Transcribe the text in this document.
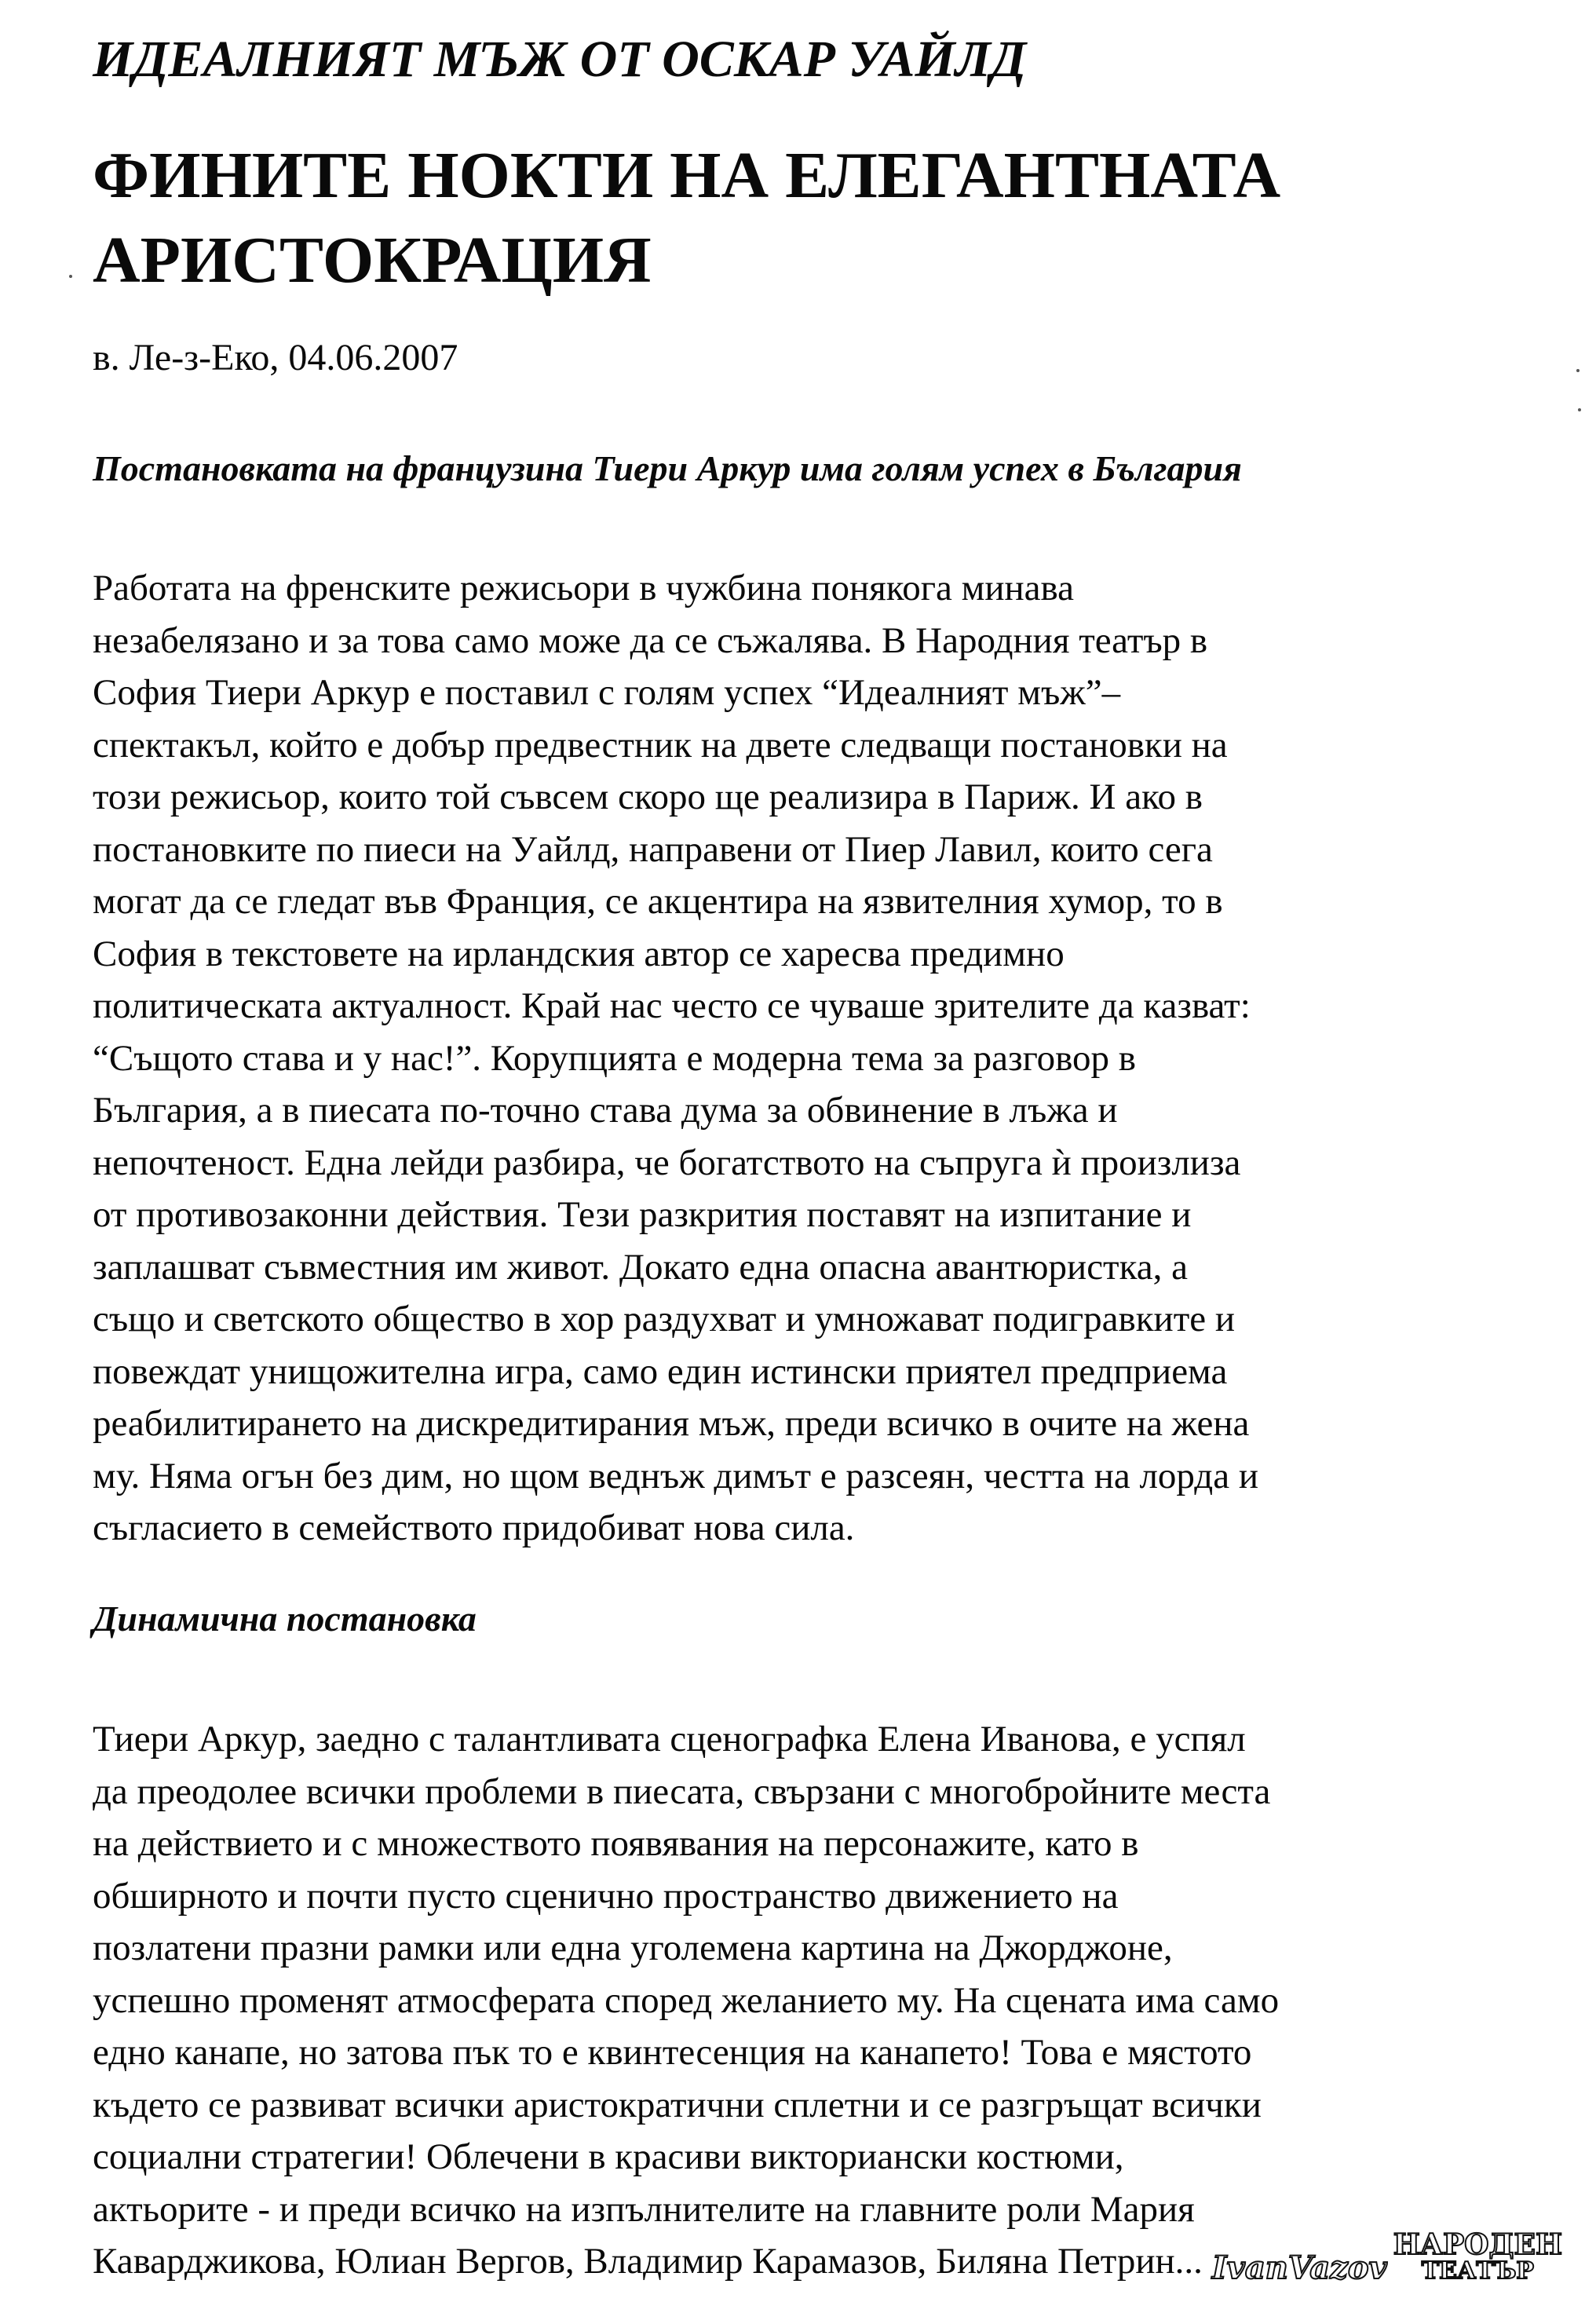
ИДЕАЛНИЯТ МЪЖ ОТ ОСКАР УАЙЛД
ФИНИТЕ НОКТИ НА ЕЛЕГАНТНАТА
АРИСТОКРАЦИЯ
в. Ле-з-Еко, 04.06.2007
Постановката на французина Тиери Аркур има голям успех в България
Работата на френските режисьори в чужбина понякога минава
незабелязано и за това само може да се съжалява. В Народния театър в
София Тиери Аркур е поставил с голям успех “Идеалният мъж”–
спектакъл, който е добър предвестник на двете следващи постановки на
този режисьор, които той съвсем скоро ще реализира в Париж. И ако в
постановките по пиеси на Уайлд, направени от Пиер Лавил, които сега
могат да се гледат във Франция, се акцентира на язвителния хумор, то в
София в текстовете на ирландския автор се харесва предимно
политическата актуалност. Край нас често се чуваше зрителите да казват:
“Същото става и у нас!”. Корупцията е модерна тема за разговор в
България, а в пиесата по-точно става дума за обвинение в лъжа и
непочтеност. Една лейди разбира, че богатството на съпруга ѝ произлиза
от противозаконни действия. Тези разкрития поставят на изпитание и
заплашват съвместния им живот. Докато една опасна авантюристка, а
също и светското общество в хор раздухват и умножават подигравките и
повеждат унищожителна игра, само един истински приятел предприема
реабилитирането на дискредитирания мъж, преди всичко в очите на жена
му. Няма огън без дим, но щом веднъж димът е разсеян, честта на лорда и
съгласието в семейството придобиват нова сила.
Динамична постановка
Тиери Аркур, заедно с талантливата сценографка Елена Иванова, е успял
да преодолее всички проблеми в пиесата, свързани с многобройните места
на действието и с множеството появявания на персонажите, като в
обширното и почти пусто сценично пространство движението на
позлатени празни рамки или една уголемена картина на Джорджоне,
успешно променят атмосферата според желанието му. На сцената има само
едно канапе, но затова пък то е квинтесенция на канапето! Това е мястото
където се развиват всички аристократични сплетни и се разгръщат всички
социални стратегии! Облечени в красиви викториански костюми,
актьорите - и преди всичко на изпълнителите на главните роли Мария
Каварджикова, Юлиан Вергов, Владимир Карамазов, Биляна Петрин... IvanVazov
НАРОДЕН
ТЕАТЪР
